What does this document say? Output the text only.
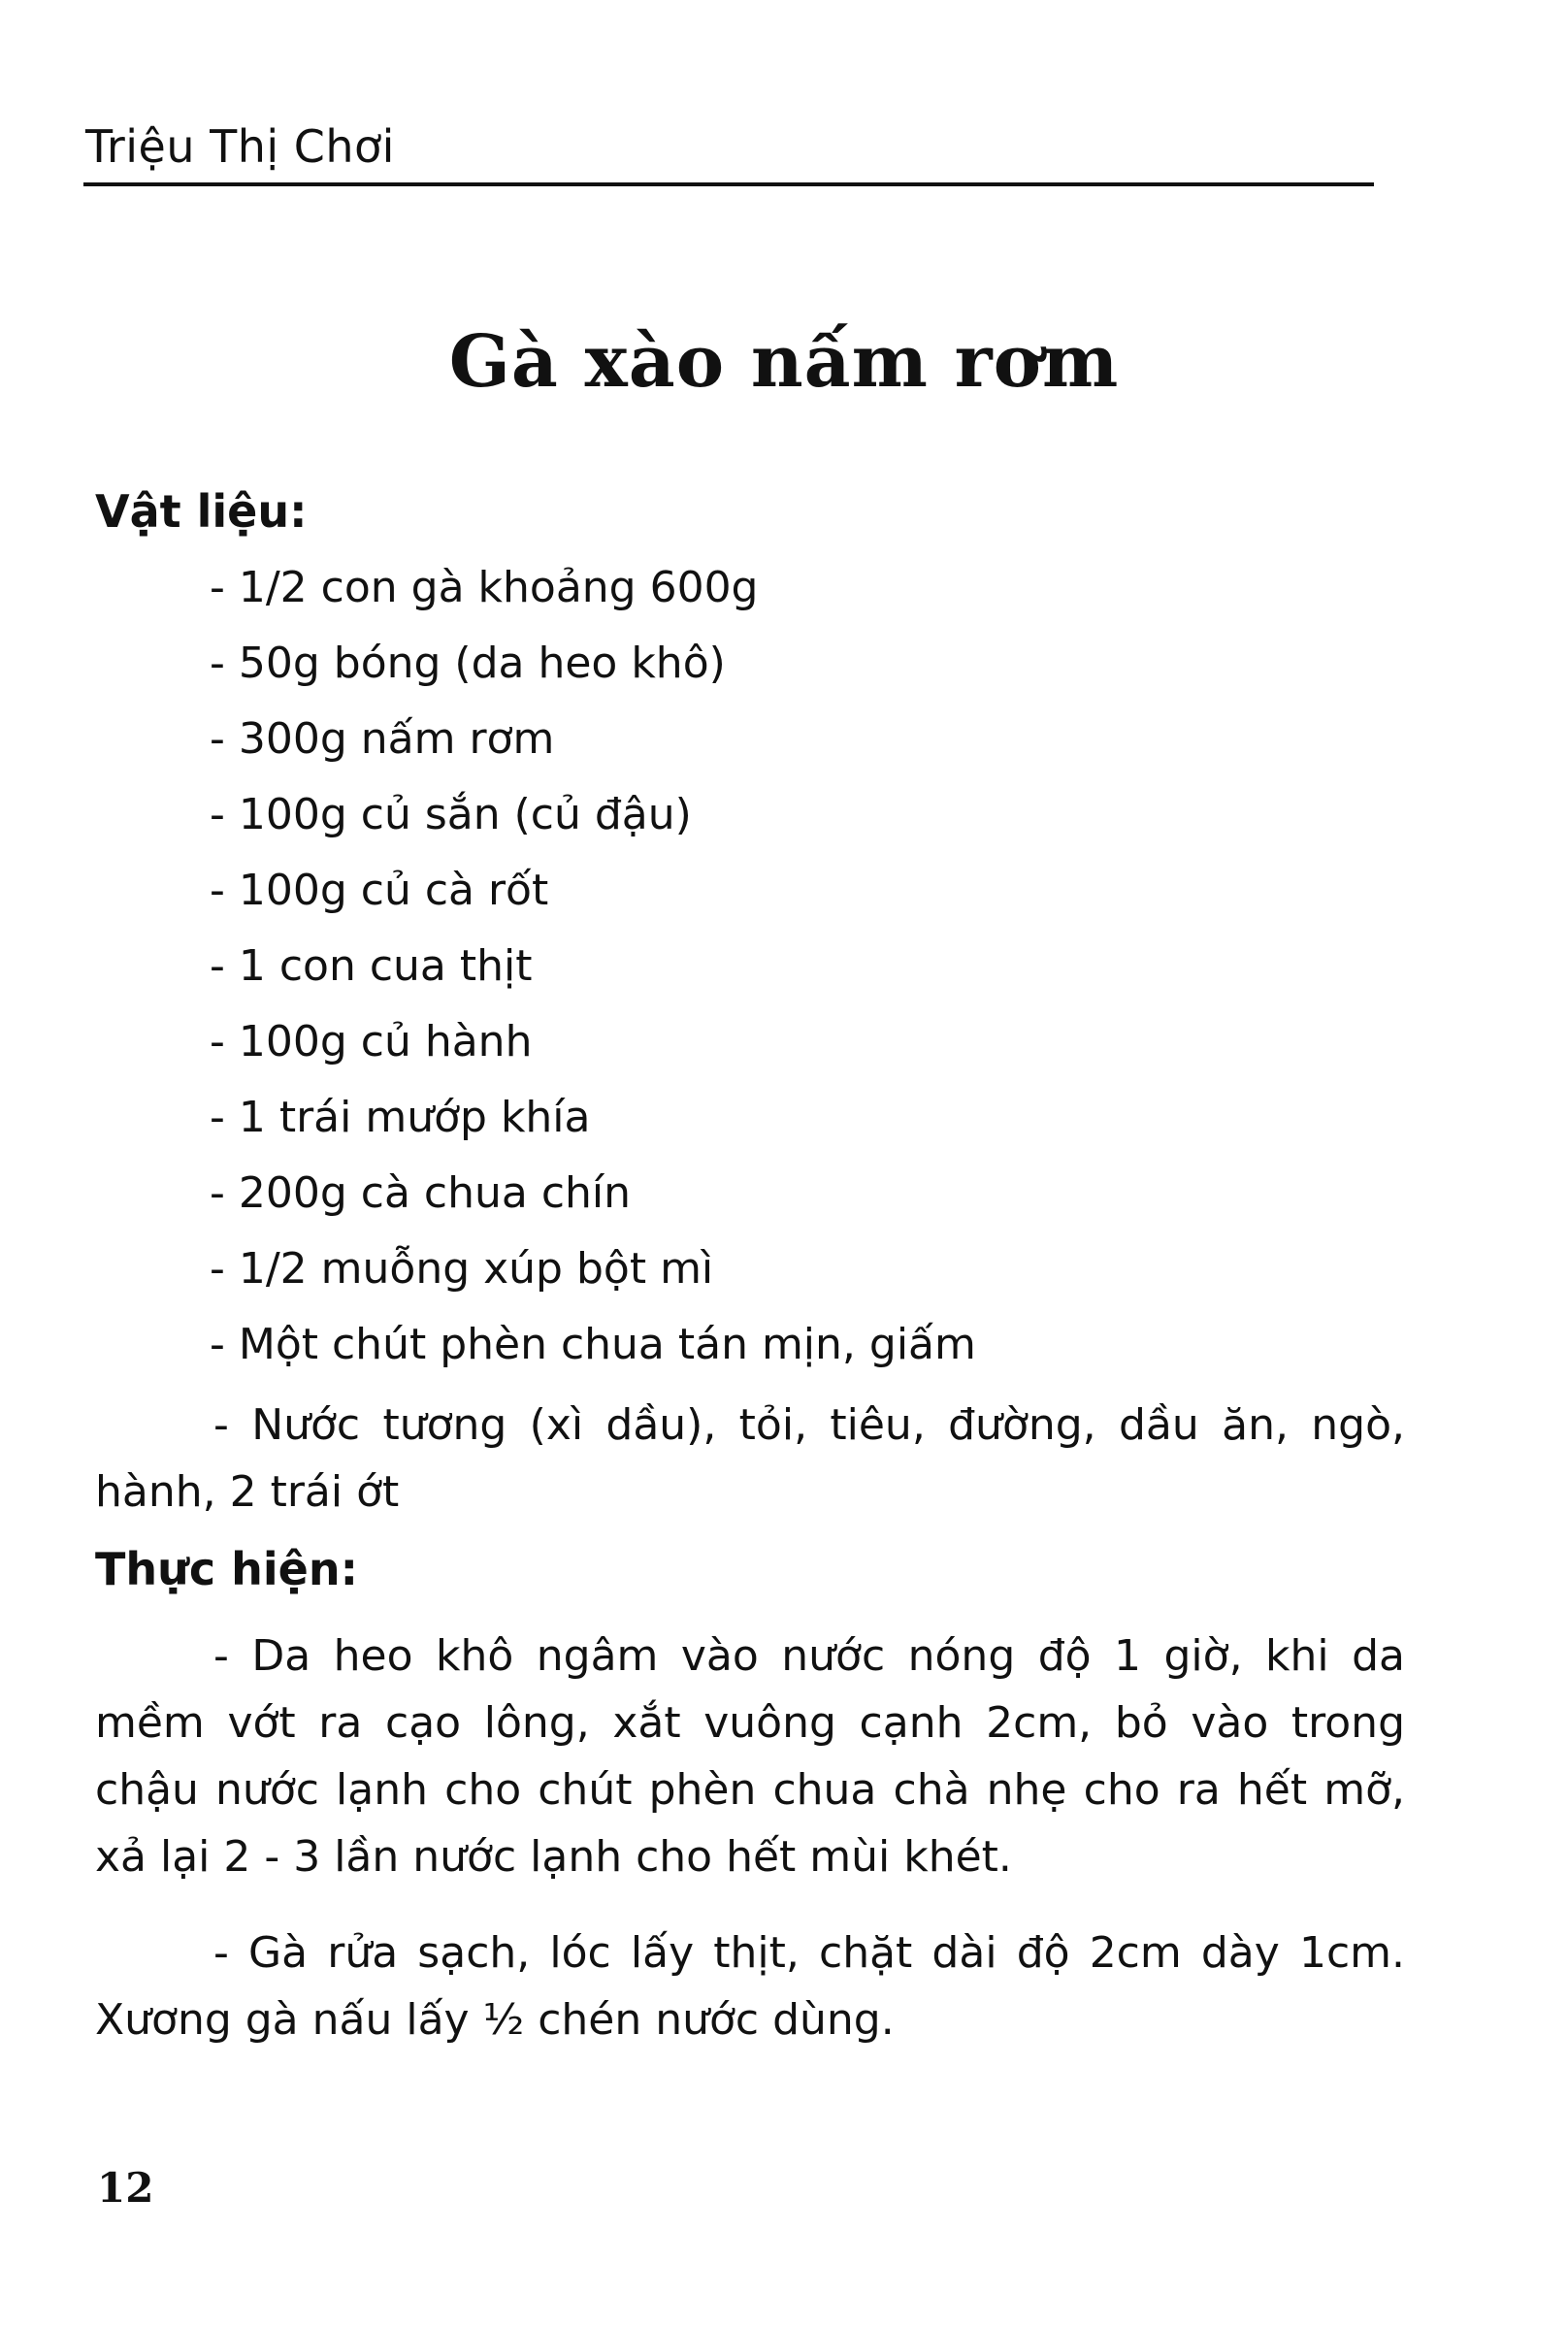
Triệu Thị Chơi
Gà xào nấm rơm
Vật liệu:
- 1/2 con gà khoảng 600g
- 50g bóng (da heo khô)
- 300g nấm rơm
- 100g củ sắn (củ đậu)
- 100g củ cà rốt
- 1 con cua thịt
- 100g củ hành
- 1 trái mướp khía
- 200g cà chua chín
- 1/2 muỗng xúp bột mì
- Một chút phèn chua tán mịn, giấm

- Nước tương (xì dầu), tỏi, tiêu, đường, dầu ăn, ngò, hành, 2 trái ớt

Thực hiện:

- Da heo khô ngâm vào nước nóng độ 1 giờ, khi da mềm vớt ra cạo lông, xắt vuông cạnh 2cm, bỏ vào trong chậu nước lạnh cho chút phèn chua chà nhẹ cho ra hết mỡ, xả lại 2 - 3 lần nước lạnh cho hết mùi khét.

- Gà rửa sạch, lóc lấy thịt, chặt dài độ 2cm dày 1cm. Xương gà nấu lấy ½ chén nước dùng.

12
